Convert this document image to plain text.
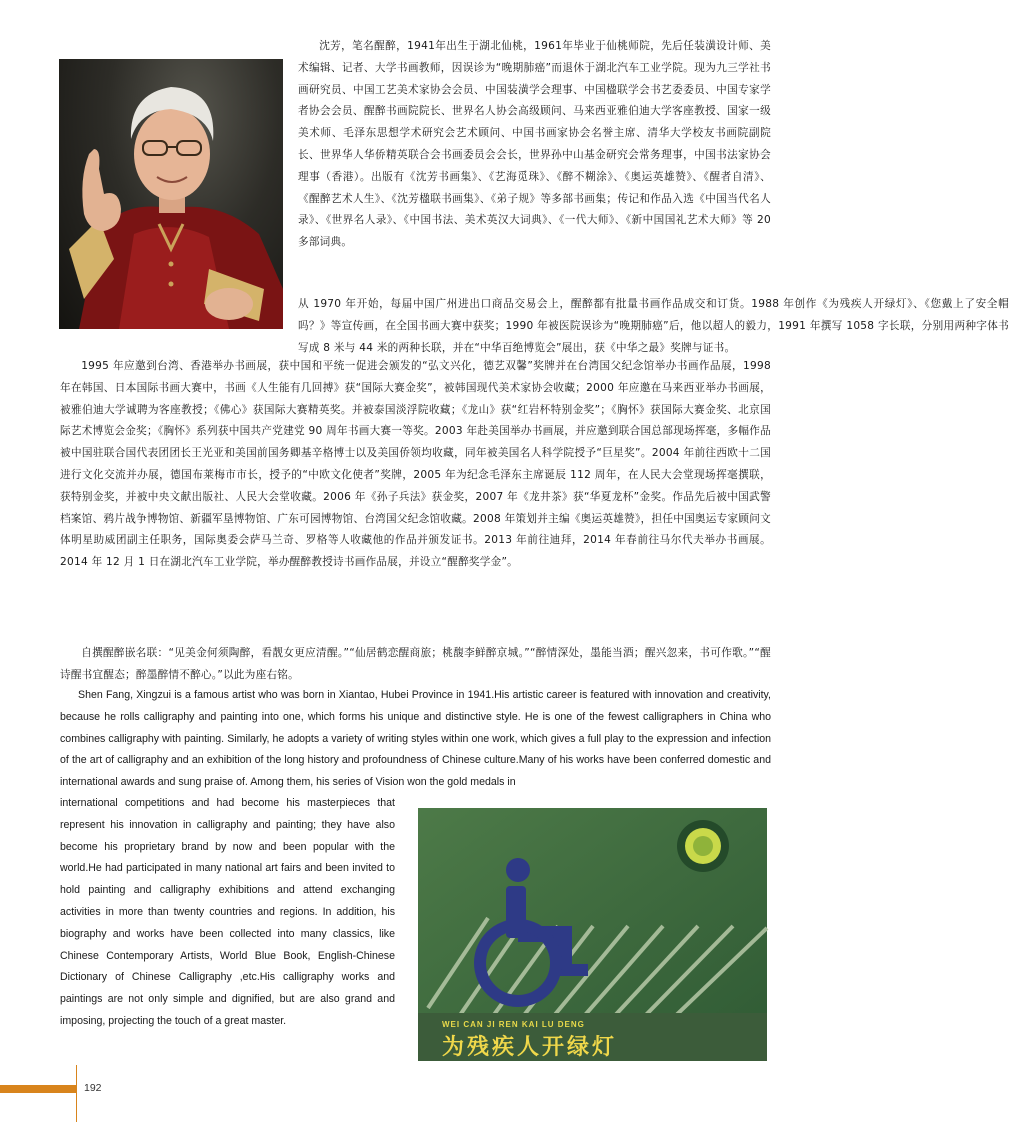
沈芳，笔名醒醉，1941年出生于湖北仙桃，1961年毕业于仙桃师院，先后任装潢设计师、美术编辑、记者、大学书画教师，因误诊为“晚期肺癌”而退休于湖北汽车工业学院。现为九三学社书画研究员、中国工艺美术家协会会员、中国装潢学会理事、中国楹联学会书艺委委员、中国专家学者协会会员、醒醉书画院院长、世界名人协会高级顾问、马来西亚雅伯迪大学客座教授、国家一级美术师、毛泽东思想学术研究会艺术顾问、中国书画家协会名誉主席、清华大学校友书画院副院长、世界华人华侨精英联合会书画委员会会长，世界孙中山基金研究会常务理事，中国书法家协会理事（香港）。出版有《沈芳书画集》、《艺海觅珠》、《醉不糊涂》、《奥运英雄赞》、《醒者自清》、《醒醉艺术人生》、《沈芳楹联书画集》、《弟子规》等多部书画集；传记和作品入选《中国当代名人录》、《世界名人录》、《中国书法、美术英汉大词典》、《一代大师》、《新中国国礼艺术大师》等 20 多部词典。

从 1970 年开始，每届中国广州进出口商品交易会上，醒醉都有批量书画作品成交和订货。1988 年创作《为残疾人开绿灯》、《您戴上了安全帽吗？》等宣传画，在全国书画大赛中获奖；1990 年被医院误诊为“晚期肺癌”后，他以超人的毅力，1991 年撰写 1058 字长联，分别用两种字体书写成 8 米与 44 米的两种长联，并在“中华百绝博览会”展出，获《中华之最》奖牌与证书。

1995 年应邀到台湾、香港举办书画展，获中国和平统一促进会颁发的“弘文兴化，德艺双馨”奖牌并在台湾国父纪念馆举办书画作品展，1998 年在韩国、日本国际书画大赛中，书画《人生能有几回搏》获“国际大赛金奖”，被韩国现代美术家协会收藏；2000 年应邀在马来西亚举办书画展，被雅伯迪大学诚聘为客座教授；《佛心》获国际大赛精英奖。并被泰国淡浮院收藏；《龙山》获“红岩杯特别金奖”；《胸怀》获国际大赛金奖、北京国际艺术博览会金奖；《胸怀》系列获中国共产党建党 90 周年书画大赛一等奖。2003 年赴美国举办书画展，并应邀到联合国总部现场挥毫，多幅作品被中国驻联合国代表团团长王光亚和美国前国务卿基辛格博士以及美国侨领均收藏，同年被美国名人科学院授予“巨星奖”。2004 年前往西欧十二国进行文化交流并办展，德国布莱梅市市长，授予的“中欧文化使者”奖牌，2005 年为纪念毛泽东主席诞辰 112 周年，在人民大会堂现场挥毫撰联，获特别金奖，并被中央文献出版社、人民大会堂收藏。2006 年《孙子兵法》获金奖，2007 年《龙井茶》获“华夏龙杯”金奖。作品先后被中国武警档案馆、鸦片战争博物馆、新疆军垦博物馆、广东可园博物馆、台湾国父纪念馆收藏。2008 年策划并主编《奥运英雄赞》，担任中国奥运专家顾问文体明星助威团副主任职务，国际奥委会萨马兰奇、罗格等人收藏他的作品并颁发证书。2013 年前往迪拜，2014 年春前往马尔代夫举办书画展。2014 年 12 月 1 日在湖北汽车工业学院，举办醒醉教授诗书画作品展，并设立“醒醉奖学金”。

自撰醒醉嵌名联：“见美金何须陶醉，看靓女更应清醒。”“仙居鹤恋醒商旅；桃馥李鲜醉京城。”“醉情深处，墨能当酒；醒兴忽来，书可作歌。”“醒诗醒书宜醒态；醉墨醉情不醉心。”以此为座右铭。

Shen Fang, Xingzui is a famous artist who was born in Xiantao, Hubei Province in 1941.His artistic career is featured with innovation and creativity, because he rolls calligraphy and painting into one, which forms his unique and distinctive style. He is one of the fewest calligraphers in China who combines calligraphy with painting. Similarly, he adopts a variety of writing styles within one work, which gives a full play to the expression and infection of the art of calligraphy and an exhibition of the long history and profoundness of Chinese culture.Many of his works have been conferred domestic and international awards and sung praise of. Among them, his series of Vision won the gold medals in

international competitions and had become his masterpieces that represent his innovation in calligraphy and painting; they have also become his proprietary brand by now and been popular with the world.He had participated in many national art fairs and been invited to hold painting and calligraphy exhibitions and attend exchanging activities in more than twenty countries and regions. In addition, his biography and works have been collected into many classics, like Chinese Contemporary Artists, World Blue Book, English-Chinese Dictionary of Chinese Calligraphy ,etc.His calligraphy works and paintings are not only simple and dignified, but are also grand and imposing, projecting the touch of a great master.	WEI CAN JI REN KAI LU DENG
为残疾人开绿灯
192
